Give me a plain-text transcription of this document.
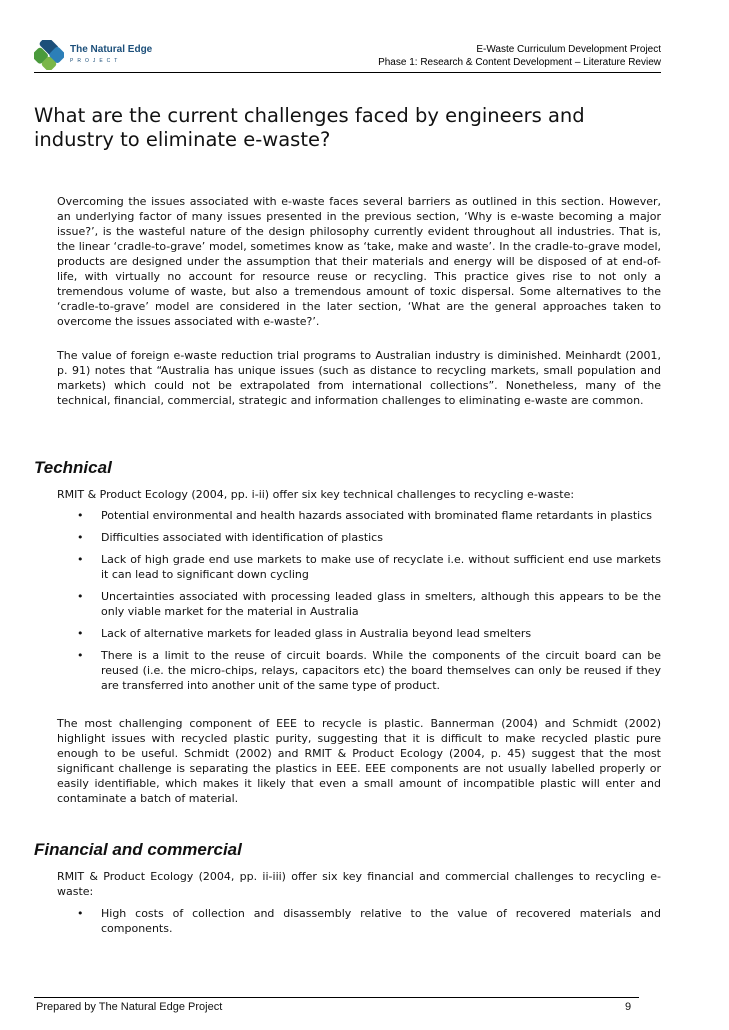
The Natural Edge
PROJECT
E-Waste Curriculum Development Project
Phase 1: Research & Content Development – Literature Review
What are the current challenges faced by engineers and industry to eliminate e-waste?

Overcoming the issues associated with e-waste faces several barriers as outlined in this section. However, an underlying factor of many issues presented in the previous section, ‘Why is e-waste becoming a major issue?’, is the wasteful nature of the design philosophy currently evident throughout all industries. That is, the linear ‘cradle-to-grave’ model, sometimes know as ‘take, make and waste’. In the cradle-to-grave model, products are designed under the assumption that their materials and energy will be disposed of at end-of-life, with virtually no account for resource reuse or recycling. This practice gives rise to not only a tremendous volume of waste, but also a tremendous amount of toxic dispersal. Some alternatives to the ‘cradle-to-grave’ model are considered in the later section, ‘What are the general approaches taken to overcome the issues associated with e-waste?’.

The value of foreign e-waste reduction trial programs to Australian industry is diminished. Meinhardt (2001, p. 91) notes that “Australia has unique issues (such as distance to recycling markets, small population and markets) which could not be extrapolated from international collections”. Nonetheless, many of the technical, financial, commercial, strategic and information challenges to eliminating e-waste are common.

Technical

RMIT & Product Ecology (2004, pp. i-ii) offer six key technical challenges to recycling e-waste:

• Potential environmental and health hazards associated with brominated flame retardants in plastics
• Difficulties associated with identification of plastics
• Lack of high grade end use markets to make use of recyclate i.e. without sufficient end use markets it can lead to significant down cycling
• Uncertainties associated with processing leaded glass in smelters, although this appears to be the only viable market for the material in Australia
• Lack of alternative markets for leaded glass in Australia beyond lead smelters
• There is a limit to the reuse of circuit boards. While the components of the circuit board can be reused (i.e. the micro-chips, relays, capacitors etc) the board themselves can only be reused if they are transferred into another unit of the same type of product.

The most challenging component of EEE to recycle is plastic. Bannerman (2004) and Schmidt (2002) highlight issues with recycled plastic purity, suggesting that it is difficult to make recycled plastic pure enough to be useful. Schmidt (2002) and RMIT & Product Ecology (2004, p. 45) suggest that the most significant challenge is separating the plastics in EEE. EEE components are not usually labelled properly or easily identifiable, which makes it likely that even a small amount of incompatible plastic will enter and contaminate a batch of material.

Financial and commercial

RMIT & Product Ecology (2004, pp. ii-iii) offer six key financial and commercial challenges to recycling e-waste:

• High costs of collection and disassembly relative to the value of recovered materials and components.
Prepared by The Natural Edge Project	9
